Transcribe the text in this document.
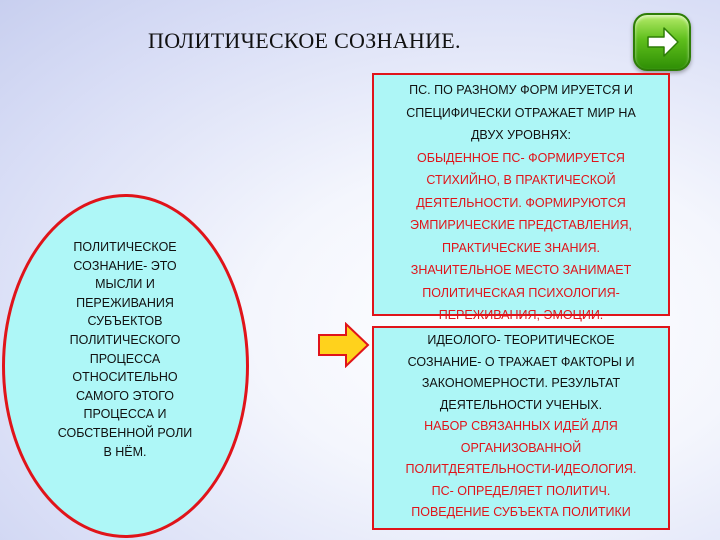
ПОЛИТИЧЕСКОЕ СОЗНАНИЕ.
ПОЛИТИЧЕСКОЕ
СОЗНАНИЕ- ЭТО
МЫСЛИ И
ПЕРЕЖИВАНИЯ
СУБЪЕКТОВ
ПОЛИТИЧЕСКОГО
ПРОЦЕССА
ОТНОСИТЕЛЬНО
САМОГО ЭТОГО
ПРОЦЕССА И
СОБСТВЕННОЙ РОЛИ
В НЁМ.
ПС. ПО РАЗНОМУ ФОРМ ИРУЕТСЯ И
СПЕЦИФИЧЕСКИ ОТРАЖАЕТ МИР НА
ДВУХ УРОВНЯХ:
ОБЫДЕННОЕ ПС- ФОРМИРУЕТСЯ
СТИХИЙНО, В ПРАКТИЧЕСКОЙ
ДЕЯТЕЛЬНОСТИ. ФОРМИРУЮТСЯ
ЭМПИРИЧЕСКИЕ ПРЕДСТАВЛЕНИЯ,
ПРАКТИЧЕСКИЕ ЗНАНИЯ.
ЗНАЧИТЕЛЬНОЕ МЕСТО ЗАНИМАЕТ
ПОЛИТИЧЕСКАЯ ПСИХОЛОГИЯ-
ПЕРЕЖИВАНИЯ, ЭМОЦИИ.
ИДЕОЛОГО- ТЕОРИТИЧЕСКОЕ
СОЗНАНИЕ- О ТРАЖАЕТ ФАКТОРЫ И
ЗАКОНОМЕРНОСТИ. РЕЗУЛЬТАТ
ДЕЯТЕЛЬНОСТИ УЧЕНЫХ.
НАБОР СВЯЗАННЫХ ИДЕЙ ДЛЯ
ОРГАНИЗОВАННОЙ
ПОЛИТДЕЯТЕЛЬНОСТИ-ИДЕОЛОГИЯ.
ПС- ОПРЕДЕЛЯЕТ ПОЛИТИЧ.
ПОВЕДЕНИЕ СУБЪЕКТА ПОЛИТИКИ
